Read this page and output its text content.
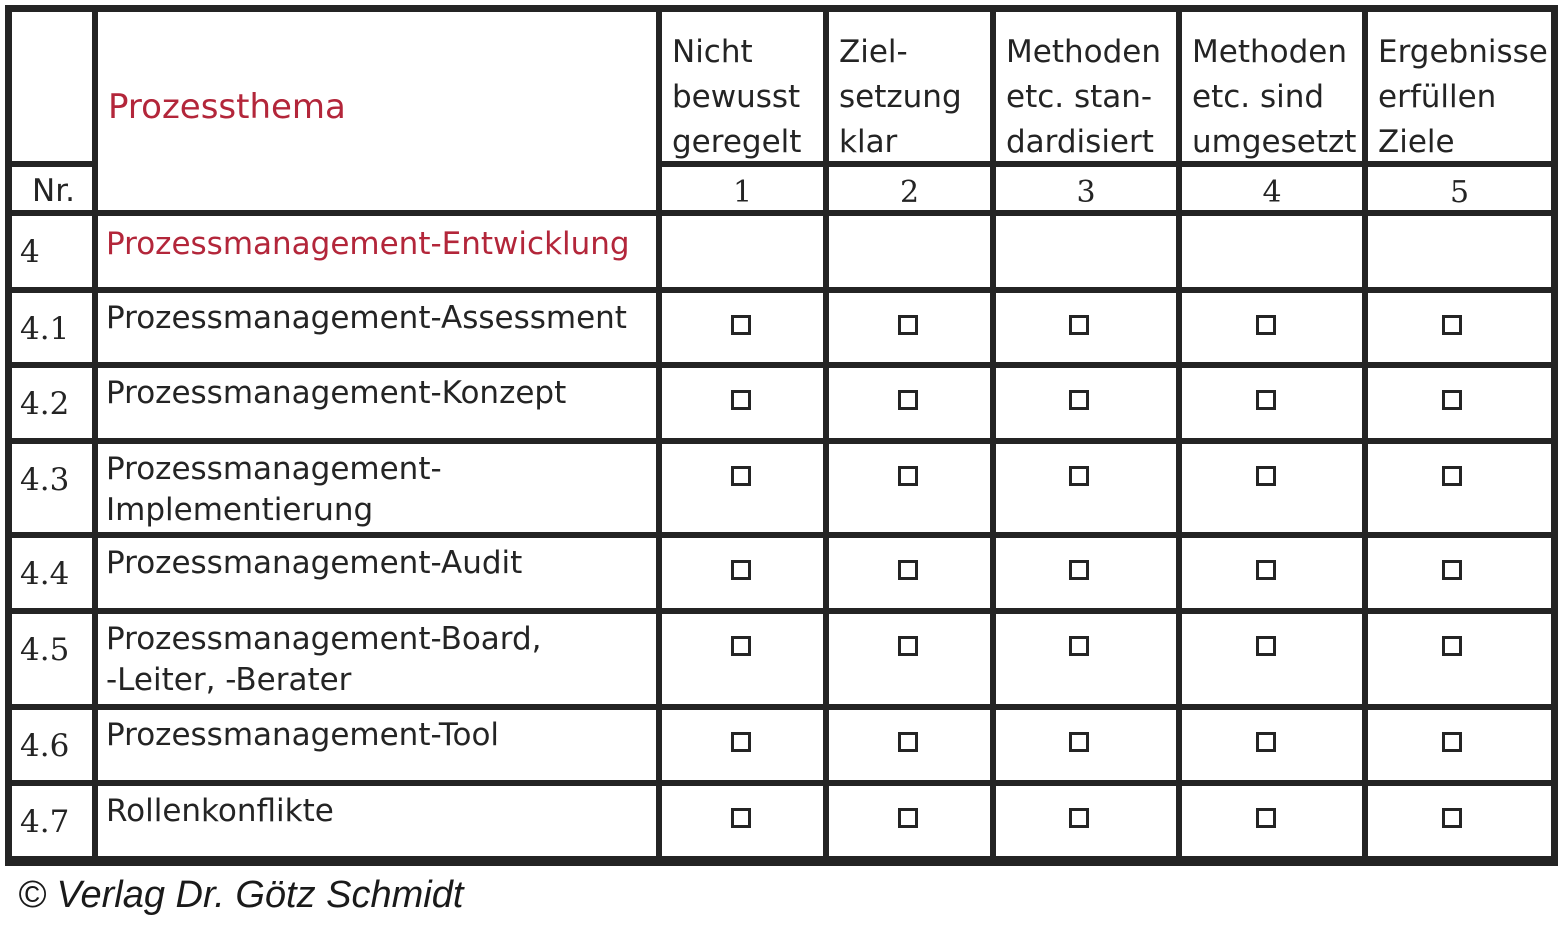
Nr.
Prozessthema
Nicht
bewusst
geregelt
1
Ziel-
setzung
klar
2
Methoden
etc. stan-
dardisiert
3
Methoden
etc. sind
umgesetzt
4
Ergebnisse
erfüllen
Ziele
5
4 Prozessmanagement-Entwicklung
4.1 Prozessmanagement-Assessment
4.2 Prozessmanagement-Konzept
4.3 Prozessmanagement-
Implementierung
4.4 Prozessmanagement-Audit
4.5 Prozessmanagement-Board,
-Leiter, -Berater
4.6 Prozessmanagement-Tool
4.7 Rollenkonflikte
© Verlag Dr. Götz Schmidt
